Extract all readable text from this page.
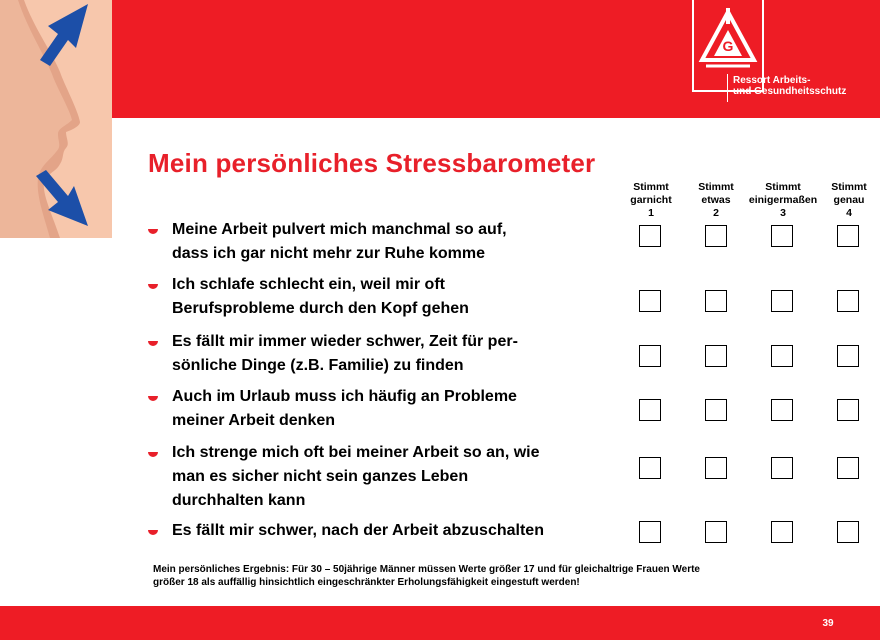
G
Ressort Arbeits-
und Gesundheitsschutz
Mein persönliches Stressbarometer
Stimmt
garnicht
1
Stimmt
etwas
2
Stimmt
einigermaßen
3
Stimmt
genau
4
Meine Arbeit pulvert mich manchmal so auf,
dass ich gar nicht mehr zur Ruhe komme
Ich schlafe schlecht ein, weil mir oft
Berufsprobleme durch den Kopf gehen
Es fällt mir immer wieder schwer, Zeit für per-
sönliche Dinge (z.B. Familie) zu finden
Auch im Urlaub muss ich häufig an Probleme
meiner Arbeit denken
Ich strenge mich oft bei meiner Arbeit so an, wie
man es sicher nicht sein ganzes Leben
durchhalten kann
Es fällt mir schwer, nach der Arbeit abzuschalten
Mein persönliches Ergebnis: Für 30 – 50jährige Männer müssen Werte größer 17 und für gleichaltrige Frauen Werte
größer 18 als auffällig hinsichtlich eingeschränkter Erholungsfähigkeit eingestuft werden!
39
